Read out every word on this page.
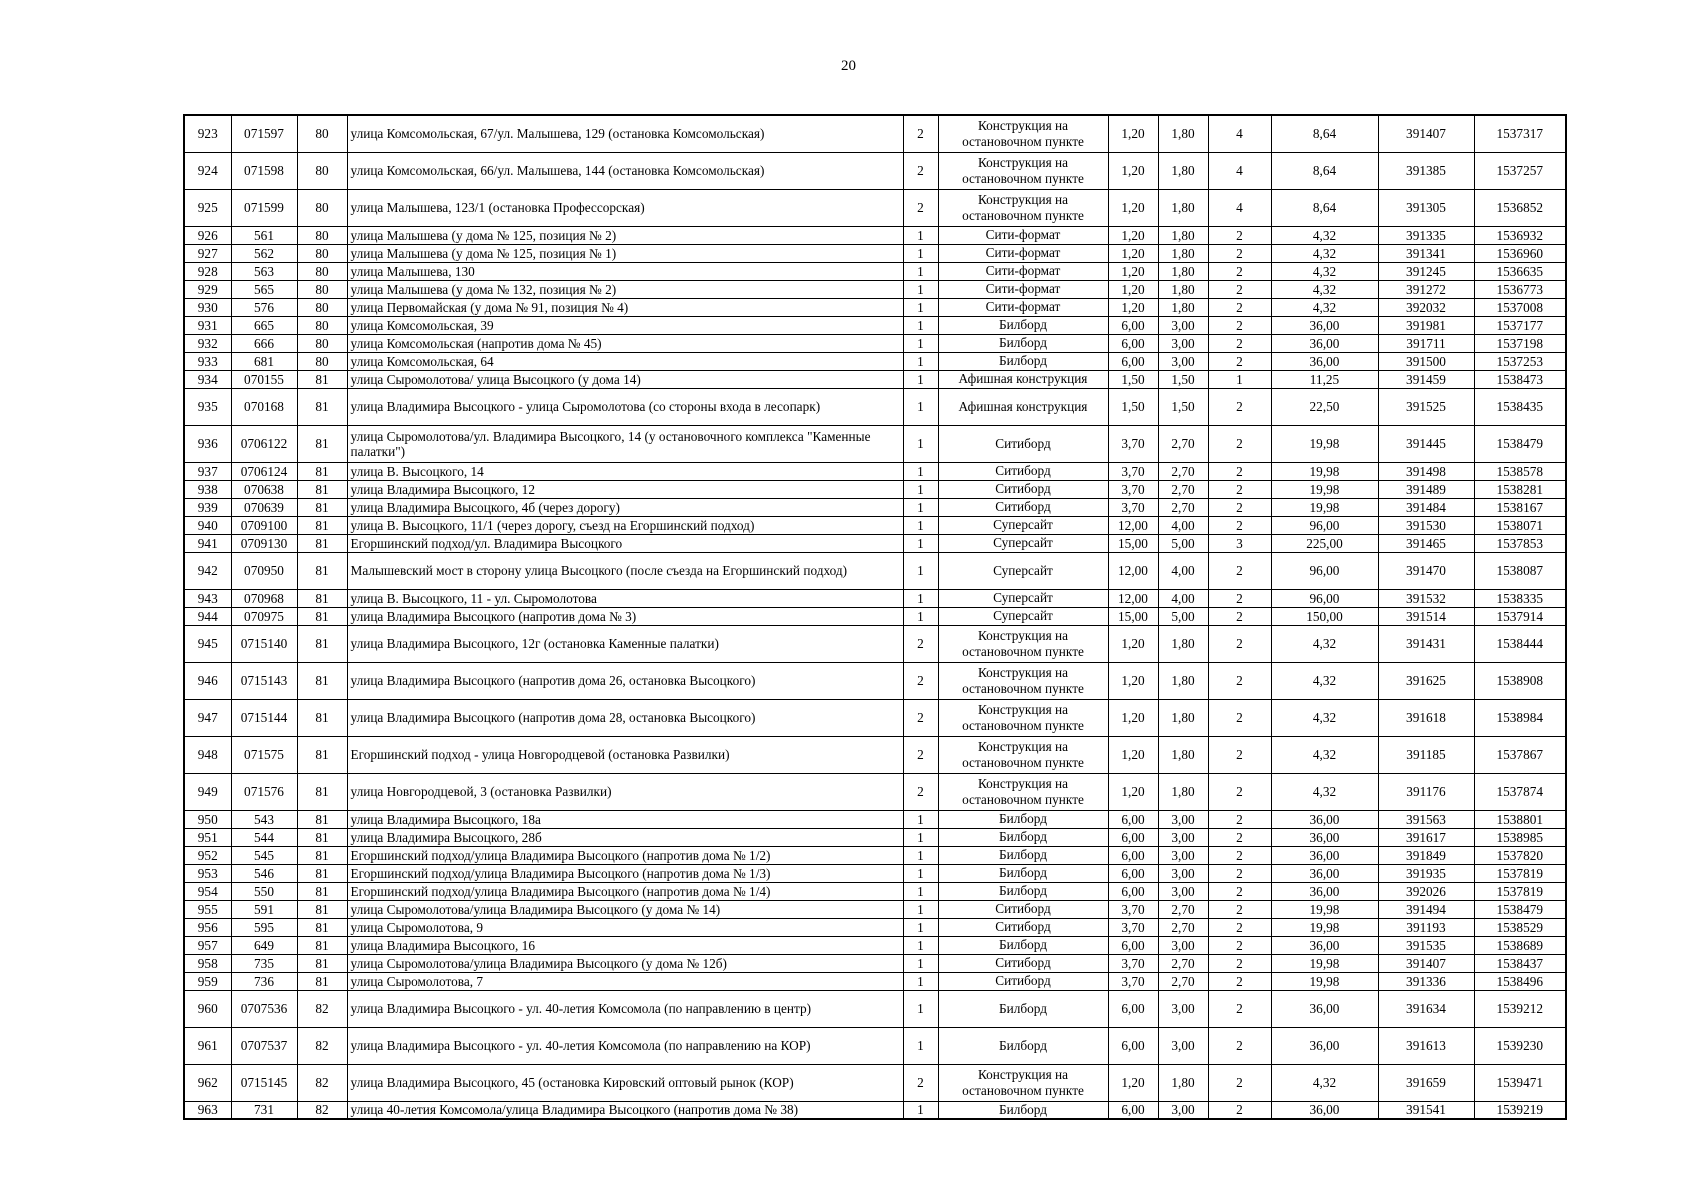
20
923	071597	80	улица Комсомольская, 67/ул. Малышева, 129 (остановка Комсомольская)	2	Конструкция на остановочном пункте	1,20	1,80	4	8,64	391407	1537317
924	071598	80	улица Комсомольская, 66/ул. Малышева, 144 (остановка Комсомольская)	2	Конструкция на остановочном пункте	1,20	1,80	4	8,64	391385	1537257
925	071599	80	улица Малышева, 123/1 (остановка Профессорская)	2	Конструкция на остановочном пункте	1,20	1,80	4	8,64	391305	1536852
926	561	80	улица Малышева (у дома № 125, позиция № 2)	1	Сити-формат	1,20	1,80	2	4,32	391335	1536932
927	562	80	улица Малышева (у дома № 125, позиция № 1)	1	Сити-формат	1,20	1,80	2	4,32	391341	1536960
928	563	80	улица Малышева, 130	1	Сити-формат	1,20	1,80	2	4,32	391245	1536635
929	565	80	улица Малышева (у дома № 132, позиция № 2)	1	Сити-формат	1,20	1,80	2	4,32	391272	1536773
930	576	80	улица Первомайская (у дома № 91, позиция № 4)	1	Сити-формат	1,20	1,80	2	4,32	392032	1537008
931	665	80	улица Комсомольская, 39	1	Билборд	6,00	3,00	2	36,00	391981	1537177
932	666	80	улица Комсомольская (напротив дома № 45)	1	Билборд	6,00	3,00	2	36,00	391711	1537198
933	681	80	улица Комсомольская, 64	1	Билборд	6,00	3,00	2	36,00	391500	1537253
934	070155	81	улица Сыромолотова/ улица Высоцкого (у дома 14)	1	Афишная конструкция	1,50	1,50	1	11,25	391459	1538473
935	070168	81	улица Владимира Высоцкого - улица Сыромолотова (со стороны входа в лесопарк)	1	Афишная конструкция	1,50	1,50	2	22,50	391525	1538435
936	0706122	81	улица Сыромолотова/ул. Владимира Высоцкого, 14 (у остановочного комплекса "Каменные палатки")	1	Ситиборд	3,70	2,70	2	19,98	391445	1538479
937	0706124	81	улица В. Высоцкого, 14	1	Ситиборд	3,70	2,70	2	19,98	391498	1538578
938	070638	81	улица Владимира Высоцкого, 12	1	Ситиборд	3,70	2,70	2	19,98	391489	1538281
939	070639	81	улица Владимира Высоцкого, 4б (через дорогу)	1	Ситиборд	3,70	2,70	2	19,98	391484	1538167
940	0709100	81	улица В. Высоцкого, 11/1 (через дорогу, съезд на Егоршинский подход)	1	Суперсайт	12,00	4,00	2	96,00	391530	1538071
941	0709130	81	Егоршинский подход/ул. Владимира Высоцкого	1	Суперсайт	15,00	5,00	3	225,00	391465	1537853
942	070950	81	Малышевский мост в сторону улица Высоцкого (после съезда на Егоршинский подход)	1	Суперсайт	12,00	4,00	2	96,00	391470	1538087
943	070968	81	улица В. Высоцкого, 11 - ул. Сыромолотова	1	Суперсайт	12,00	4,00	2	96,00	391532	1538335
944	070975	81	улица Владимира Высоцкого (напротив дома № 3)	1	Суперсайт	15,00	5,00	2	150,00	391514	1537914
945	0715140	81	улица Владимира Высоцкого, 12г (остановка Каменные палатки)	2	Конструкция на остановочном пункте	1,20	1,80	2	4,32	391431	1538444
946	0715143	81	улица Владимира Высоцкого (напротив дома 26, остановка Высоцкого)	2	Конструкция на остановочном пункте	1,20	1,80	2	4,32	391625	1538908
947	0715144	81	улица Владимира Высоцкого (напротив дома 28, остановка Высоцкого)	2	Конструкция на остановочном пункте	1,20	1,80	2	4,32	391618	1538984
948	071575	81	Егоршинский подход - улица Новгородцевой (остановка Развилки)	2	Конструкция на остановочном пункте	1,20	1,80	2	4,32	391185	1537867
949	071576	81	улица Новгородцевой, 3 (остановка Развилки)	2	Конструкция на остановочном пункте	1,20	1,80	2	4,32	391176	1537874
950	543	81	улица Владимира Высоцкого, 18а	1	Билборд	6,00	3,00	2	36,00	391563	1538801
951	544	81	улица Владимира Высоцкого, 28б	1	Билборд	6,00	3,00	2	36,00	391617	1538985
952	545	81	Егоршинский подход/улица Владимира Высоцкого (напротив дома № 1/2)	1	Билборд	6,00	3,00	2	36,00	391849	1537820
953	546	81	Егоршинский подход/улица Владимира Высоцкого (напротив дома № 1/3)	1	Билборд	6,00	3,00	2	36,00	391935	1537819
954	550	81	Егоршинский подход/улица Владимира Высоцкого (напротив дома № 1/4)	1	Билборд	6,00	3,00	2	36,00	392026	1537819
955	591	81	улица Сыромолотова/улица Владимира Высоцкого (у дома № 14)	1	Ситиборд	3,70	2,70	2	19,98	391494	1538479
956	595	81	улица Сыромолотова, 9	1	Ситиборд	3,70	2,70	2	19,98	391193	1538529
957	649	81	улица Владимира Высоцкого, 16	1	Билборд	6,00	3,00	2	36,00	391535	1538689
958	735	81	улица Сыромолотова/улица Владимира Высоцкого (у дома № 12б)	1	Ситиборд	3,70	2,70	2	19,98	391407	1538437
959	736	81	улица Сыромолотова, 7	1	Ситиборд	3,70	2,70	2	19,98	391336	1538496
960	0707536	82	улица Владимира Высоцкого - ул. 40-летия Комсомола (по направлению в центр)	1	Билборд	6,00	3,00	2	36,00	391634	1539212
961	0707537	82	улица Владимира Высоцкого - ул. 40-летия Комсомола (по направлению на КОР)	1	Билборд	6,00	3,00	2	36,00	391613	1539230
962	0715145	82	улица Владимира Высоцкого, 45 (остановка Кировский оптовый рынок (КОР)	2	Конструкция на остановочном пункте	1,20	1,80	2	4,32	391659	1539471
963	731	82	улица 40-летия Комсомола/улица Владимира Высоцкого (напротив дома № 38)	1	Билборд	6,00	3,00	2	36,00	391541	1539219
